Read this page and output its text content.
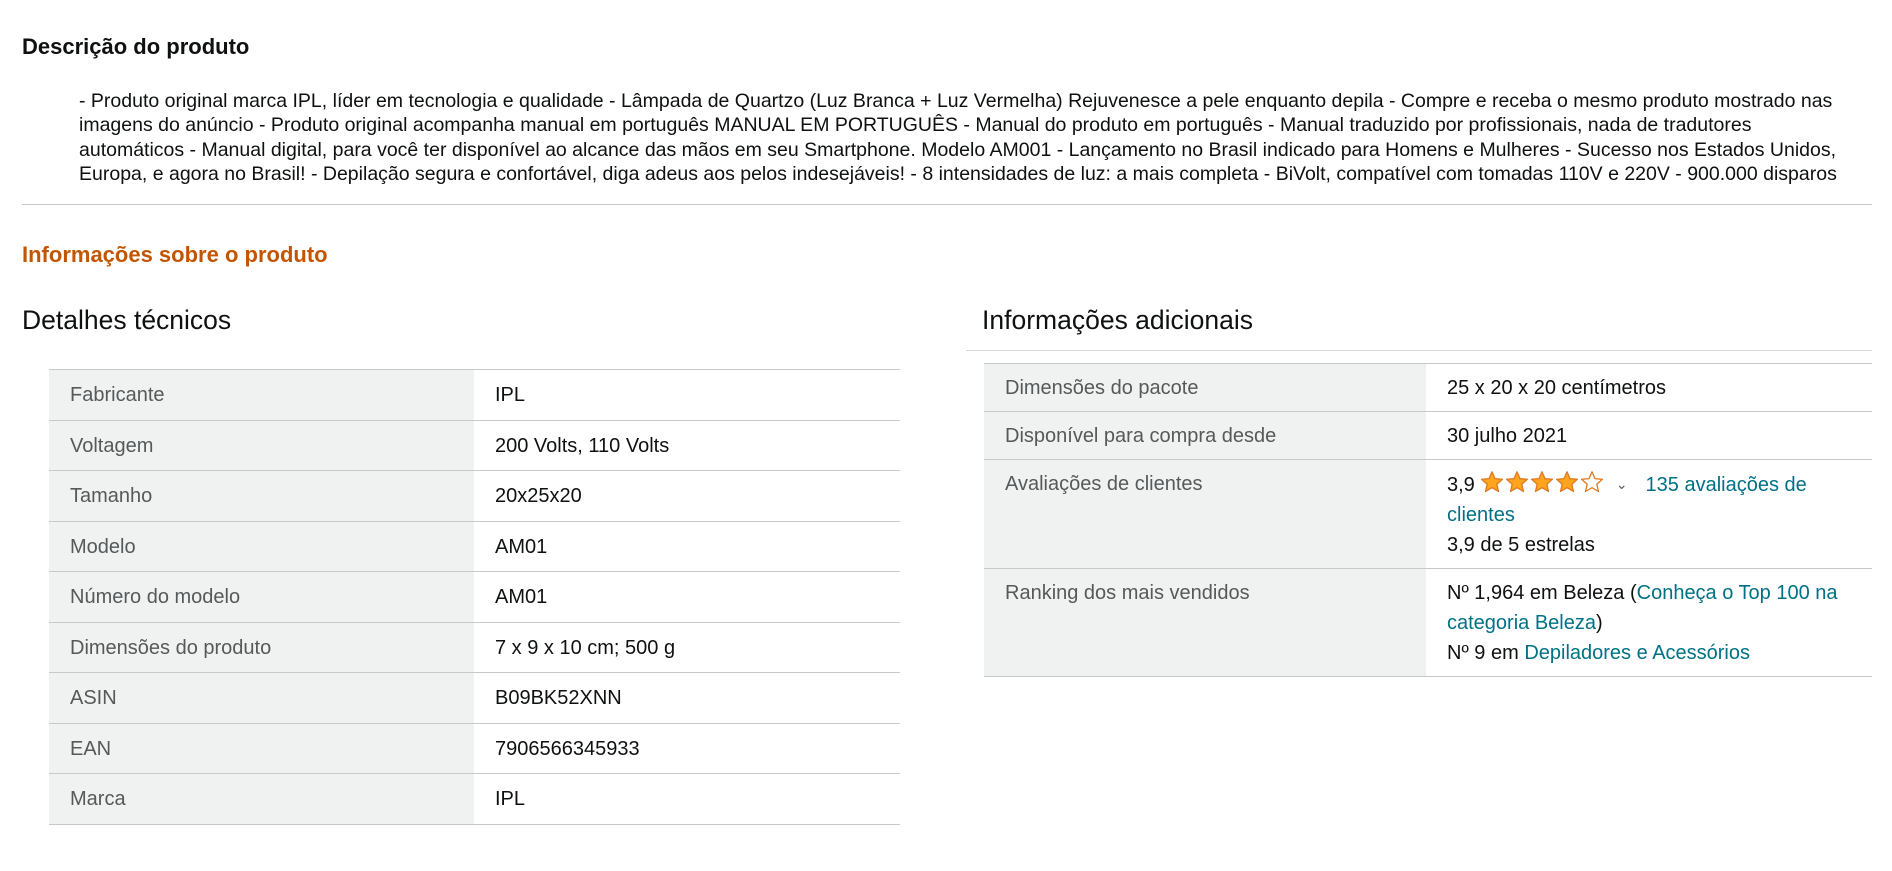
Descrição do produto

- Produto original marca IPL, líder em tecnologia e qualidade - Lâmpada de Quartzo (Luz Branca + Luz Vermelha) Rejuvenesce a pele enquanto depila - Compre e receba o mesmo produto mostrado nas imagens do anúncio - Produto original acompanha manual em português MANUAL EM PORTUGUÊS - Manual do produto em português - Manual traduzido por profissionais, nada de tradutores automáticos - Manual digital, para você ter disponível ao alcance das mãos em seu Smartphone. Modelo AM001 - Lançamento no Brasil indicado para Homens e Mulheres - Sucesso nos Estados Unidos, Europa, e agora no Brasil! - Depilação segura e confortável, diga adeus aos pelos indesejáveis! - 8 intensidades de luz: a mais completa - BiVolt, compatível com tomadas 110V e 220V - 900.000 disparos

Informações sobre o produto
Detalhes técnicos	Informações adicionais
Fabricante	IPL
Voltagem	200 Volts, 110 Volts
Tamanho	20x25x20
Modelo	AM01
Número do modelo	AM01
Dimensões do produto	7 x 9 x 10 cm; 500 g
ASIN	B09BK52XNN
EAN	7906566345933
Marca	IPL
Dimensões do pacote	25 x 20 x 20 centímetros
Disponível para compra desde	30 julho 2021
Avaliações de clientes	3,9 ⌄ 135 avaliações de clientes
3,9 de 5 estrelas

Ranking dos mais vendidos	Nº 1,964 em Beleza (Conheça o Top 100 na categoria Beleza)
Nº 9 em Depiladores e Acessórios
